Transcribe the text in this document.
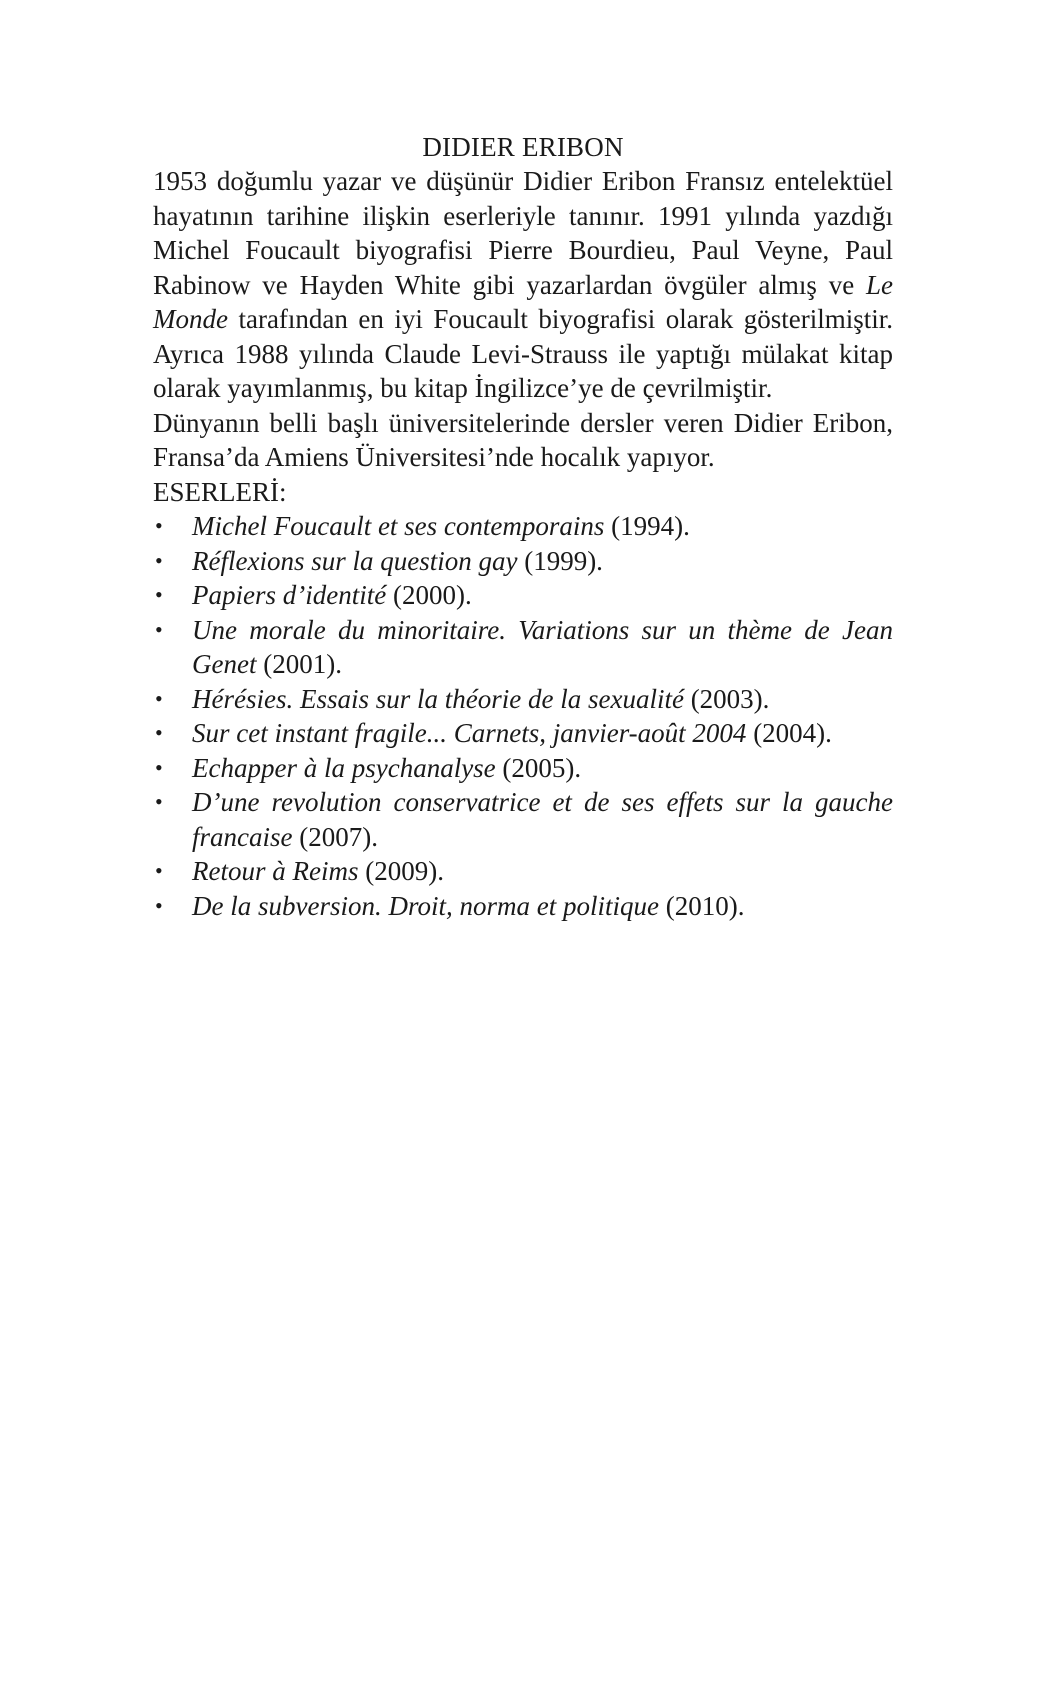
DIDIER ERIBON

1953 doğumlu yazar ve düşünür Didier Eribon Fransız entelektüel hayatının tarihine ilişkin eserleriyle tanınır. 1991 yılında yazdığı Michel Foucault biyografisi Pierre Bourdieu, Paul Veyne, Paul Rabinow ve Hayden White gibi yazarlardan övgüler almış ve Le Monde tarafından en iyi Foucault biyografisi olarak gösterilmiştir. Ayrıca 1988 yılında Claude Levi-Strauss ile yaptığı mülakat kitap olarak yayımlanmış, bu kitap İngilizce’ye de çevrilmiştir.

Dünyanın belli başlı üniversitelerinde dersler veren Didier Eribon, Fransa’da Amiens Üniversitesi’nde hocalık yapıyor.

ESERLERİ:

• Michel Foucault et ses contemporains (1994).
• Réflexions sur la question gay (1999).
• Papiers d’identité (2000).
• Une morale du minoritaire. Variations sur un thème de Jean Genet (2001).
• Hérésies. Essais sur la théorie de la sexualité (2003).
• Sur cet instant fragile... Carnets, janvier-août 2004 (2004).
• Echapper à la psychanalyse (2005).
• D’une revolution conservatrice et de ses effets sur la gauche francaise (2007).
• Retour à Reims (2009).
• De la subversion. Droit, norma et politique (2010).
